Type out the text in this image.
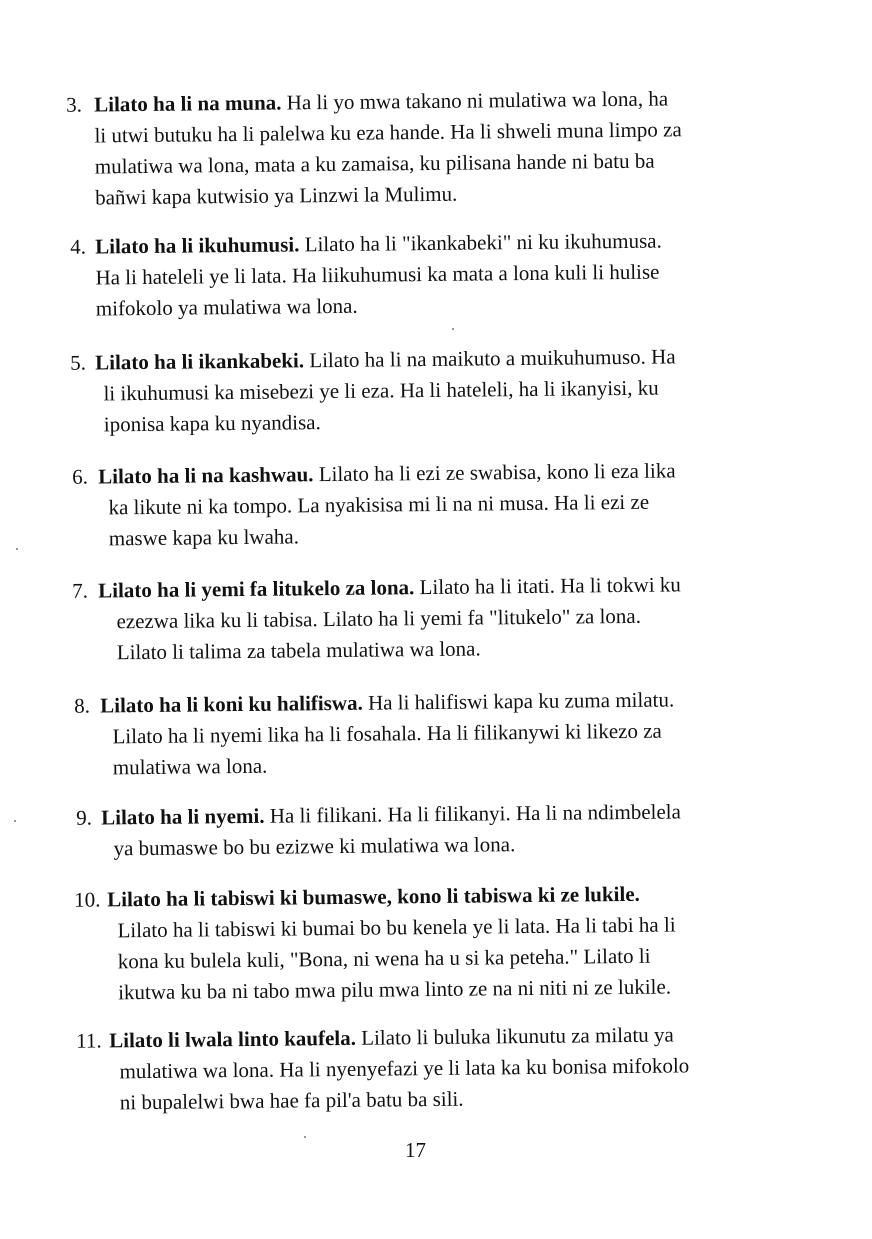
3. Lilato ha li na muna. Ha li yo mwa takano ni mulatiwa wa lona, ha
li utwi butuku ha li palelwa ku eza hande. Ha li shweli muna limpo za
mulatiwa wa lona, mata a ku zamaisa, ku pilisana hande ni batu ba
bañwi kapa kutwisio ya Linzwi la Mulimu.
4. Lilato ha li ikuhumusi. Lilato ha li "ikankabeki" ni ku ikuhumusa.
Ha li hateleli ye li lata. Ha liikuhumusi ka mata a lona kuli li hulise
mifokolo ya mulatiwa wa lona.
5. Lilato ha li ikankabeki. Lilato ha li na maikuto a muikuhumuso. Ha
li ikuhumusi ka misebezi ye li eza. Ha li hateleli, ha li ikanyisi, ku
iponisa kapa ku nyandisa.
6. Lilato ha li na kashwau. Lilato ha li ezi ze swabisa, kono li eza lika
ka likute ni ka tompo. La nyakisisa mi li na ni musa. Ha li ezi ze
maswe kapa ku lwaha.
7. Lilato ha li yemi fa litukelo za lona. Lilato ha li itati. Ha li tokwi ku
ezezwa lika ku li tabisa. Lilato ha li yemi fa "litukelo" za lona.
Lilato li talima za tabela mulatiwa wa lona.
8. Lilato ha li koni ku halifiswa. Ha li halifiswi kapa ku zuma milatu.
Lilato ha li nyemi lika ha li fosahala. Ha li filikanywi ki likezo za
mulatiwa wa lona.
9. Lilato ha li nyemi. Ha li filikani. Ha li filikanyi. Ha li na ndimbelela
ya bumaswe bo bu ezizwe ki mulatiwa wa lona.
10. Lilato ha li tabiswi ki bumaswe, kono li tabiswa ki ze lukile.
Lilato ha li tabiswi ki bumai bo bu kenela ye li lata. Ha li tabi ha li
kona ku bulela kuli, "Bona, ni wena ha u si ka peteha." Lilato li
ikutwa ku ba ni tabo mwa pilu mwa linto ze na ni niti ni ze lukile.
11. Lilato li lwala linto kaufela. Lilato li buluka likunutu za milatu ya
mulatiwa wa lona. Ha li nyenyefazi ye li lata ka ku bonisa mifokolo
ni bupalelwi bwa hae fa pil'a batu ba sili.
17
